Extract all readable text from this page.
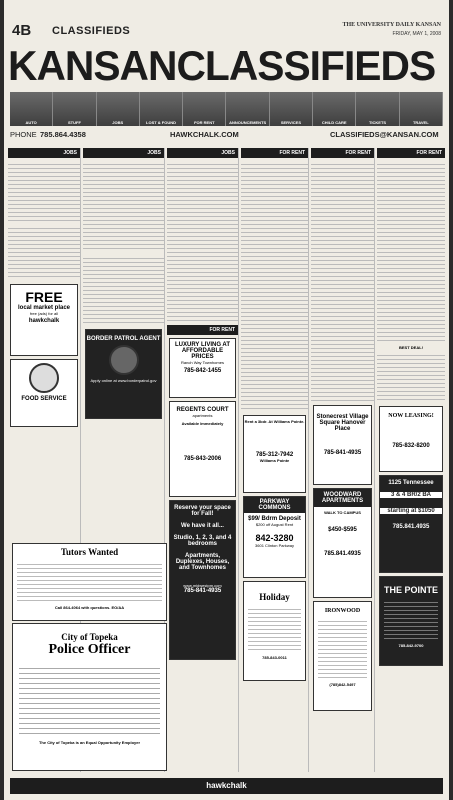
4B CLASSIFIEDS	THE UNIVERSITY DAILY KANSAN
FRIDAY, MAY 1, 2008
KANSANCLASSIFIEDS
AUTO	STUFF	JOBS	LOST & FOUND	FOR RENT	ANNOUNCEMENTS	SERVICES	CHILD CARE	TICKETS	TRAVEL
PHONE 785.864.4358	HAWKCHALK.COM	CLASSIFIEDS@KANSAN.COM
JOBS
FREE
local market place
free (ads) for all
hawkchalk
FOOD SERVICE
JOBS
BORDER PATROL AGENT
Apply online at www.borderpatrol.gov
Tutors Wanted
Call 864-4064 with questions. EO/AA
City of Topeka
Police Officer
The City of Topeka is an Equal Opportunity Employer
JOBS
FOR RENT
LUXURY LIVING AT AFFORDABLE PRICES
Ranch Way Townhomes
785-842-1455
REGENTS COURT
apartments
Available Immediately
785-843-2006
Reserve your space for Fall!
We have it all...
Studio, 1, 2, 3, and 4 bedrooms
Apartments, Duplexes, Houses, and Townhomes
www.midwestpm.com
785-841-4935
FOR RENT
Rent a 3bdr. At Williams Pointe.
785-312-7942
Williams Pointe
PARKWAY COMMONS
$99/ Bdrm Deposit
$200 off August Rent
842-3280
3601 Clinton Parkway
Holiday
785-843-0011
FOR RENT
Stonecrest Village Square Hanover Place
785-841-4935
WOODWARD APARTMENTS
WALK TO CAMPUS
$450-$595
785.841.4935
IRONWOOD
(785)842-5497
FOR RENT
BEST DEAL!
NOW LEASING!
785-832-8200
1125 Tennessee
3 & 4 BR/2 BA
starting at $1050
785.841.4935
THE POINTE
785-842-9700
hawkchalk
